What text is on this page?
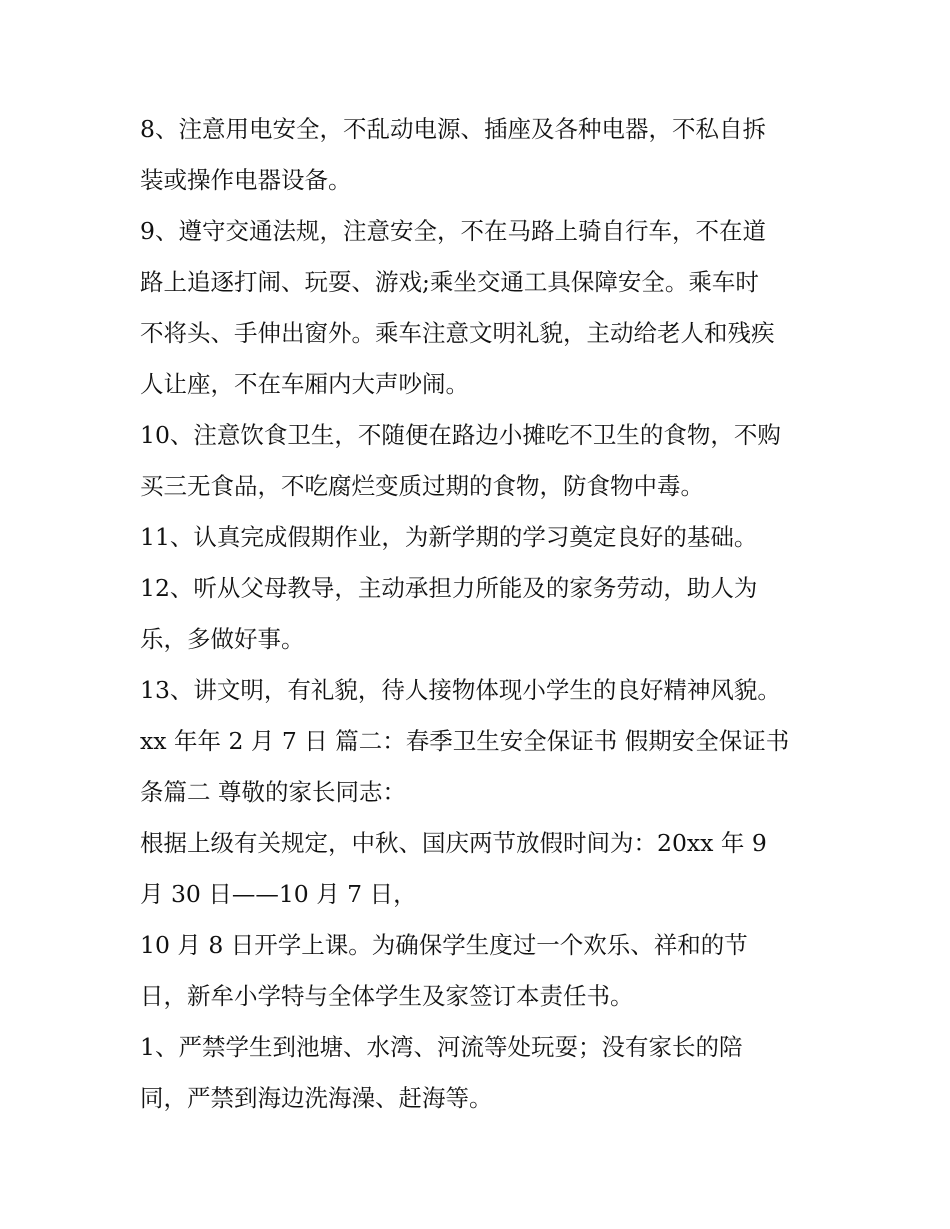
8、注意用电安全，不乱动电源、插座及各种电器，不私自拆
装或操作电器设备。
9、遵守交通法规，注意安全，不在马路上骑自行车，不在道
路上追逐打闹、玩耍、游戏;乘坐交通工具保障安全。乘车时
不将头、手伸出窗外。乘车注意文明礼貌，主动给老人和残疾
人让座，不在车厢内大声吵闹。
10、注意饮食卫生，不随便在路边小摊吃不卫生的食物，不购
买三无食品，不吃腐烂变质过期的食物，防食物中毒。
11、认真完成假期作业，为新学期的学习奠定良好的基础。
12、听从父母教导，主动承担力所能及的家务劳动，助人为
乐，多做好事。
13、讲文明，有礼貌，待人接物体现小学生的良好精神风貌。
xx 年年 2 月 7 日 篇二：春季卫生安全保证书 假期安全保证书
条篇二 尊敬的家长同志：
根据上级有关规定，中秋、国庆两节放假时间为：20xx 年 9
月 30 日——10 月 7 日，
10 月 8 日开学上课。为确保学生度过一个欢乐、祥和的节
日，新牟小学特与全体学生及家签订本责任书。
1、严禁学生到池塘、水湾、河流等处玩耍；没有家长的陪
同，严禁到海边洗海澡、赶海等。
